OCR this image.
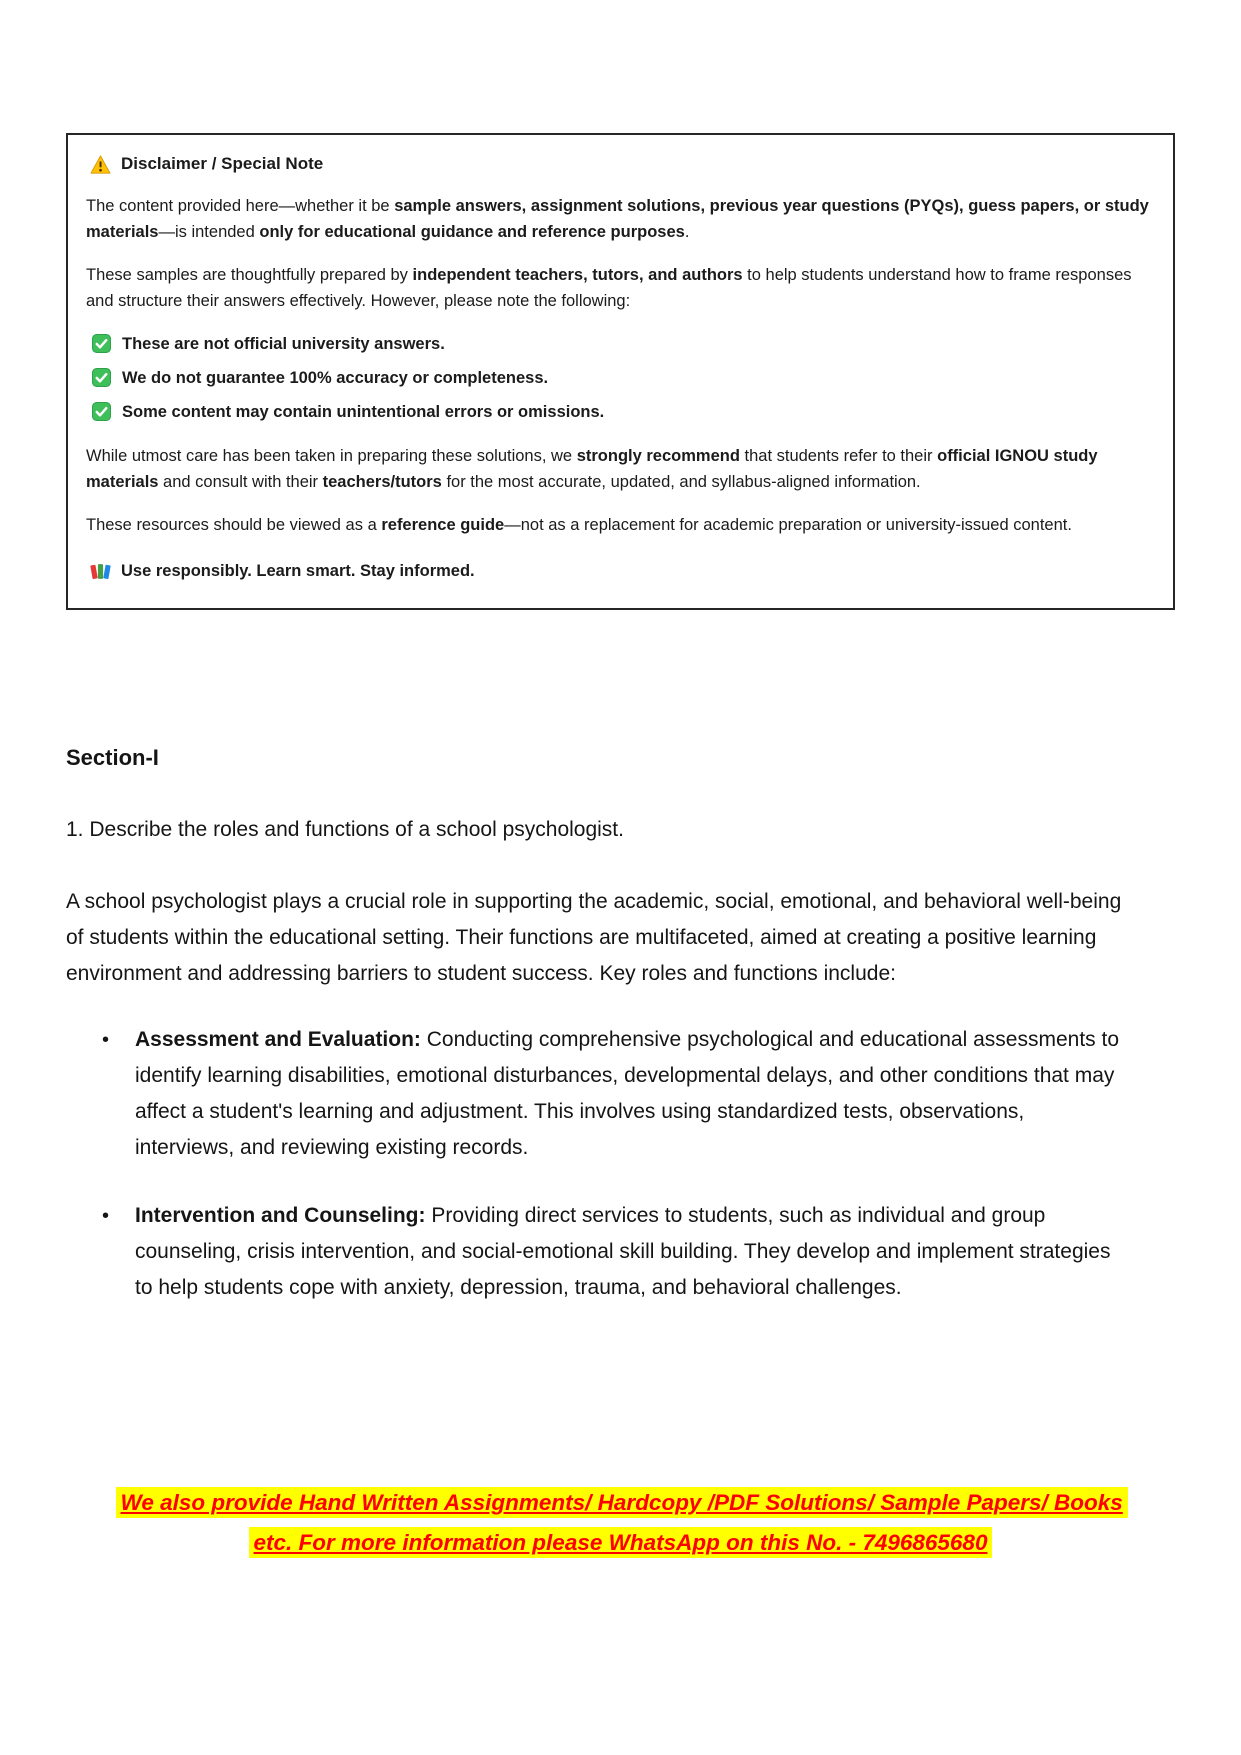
Disclaimer / Special Note

The content provided here—whether it be sample answers, assignment solutions, previous year questions (PYQs), guess papers, or study materials—is intended only for educational guidance and reference purposes.

These samples are thoughtfully prepared by independent teachers, tutors, and authors to help students understand how to frame responses and structure their answers effectively. However, please note the following:

These are not official university answers.
We do not guarantee 100% accuracy or completeness.
Some content may contain unintentional errors or omissions.

While utmost care has been taken in preparing these solutions, we strongly recommend that students refer to their official IGNOU study materials and consult with their teachers/tutors for the most accurate, updated, and syllabus-aligned information.

These resources should be viewed as a reference guide—not as a replacement for academic preparation or university-issued content.

Use responsibly. Learn smart. Stay informed.
Section-I

1. Describe the roles and functions of a school psychologist.

A school psychologist plays a crucial role in supporting the academic, social, emotional, and behavioral well-being of students within the educational setting. Their functions are multifaceted, aimed at creating a positive learning environment and addressing barriers to student success. Key roles and functions include:

• Assessment and Evaluation: Conducting comprehensive psychological and educational assessments to identify learning disabilities, emotional disturbances, developmental delays, and other conditions that may affect a student's learning and adjustment. This involves using standardized tests, observations, interviews, and reviewing existing records.
• Intervention and Counseling: Providing direct services to students, such as individual and group counseling, crisis intervention, and social-emotional skill building. They develop and implement strategies to help students cope with anxiety, depression, trauma, and behavioral challenges.
We also provide Hand Written Assignments/ Hardcopy /PDF Solutions/ Sample Papers/ Books etc. For more information please WhatsApp on this No. - 7496865680
